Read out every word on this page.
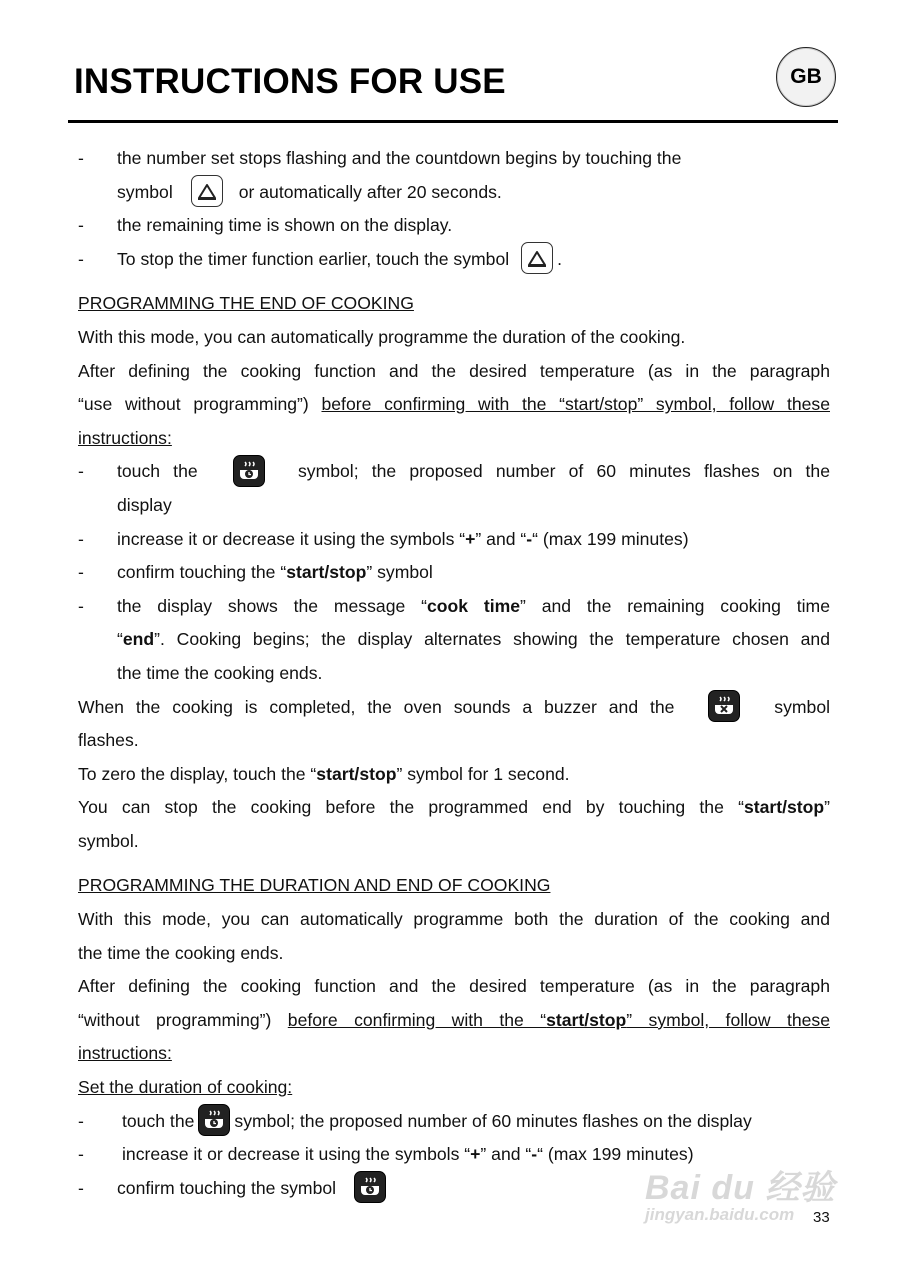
INSTRUCTIONS FOR USE	GB
- the number set stops flashing and the countdown begins by touching the
symbol	or automatically after 20 seconds.
- the remaining time is shown on the display.
- To stop the timer function earlier, touch the symbol	.
PROGRAMMING THE END OF COOKING
With this mode, you can automatically programme the duration of the cooking.
After defining the cooking function and the desired temperature (as in the paragraph
“use without programming”) before confirming with the “start/stop” symbol, follow these
instructions:
- touch the	symbol; the proposed number of 60 minutes flashes on the
display
- increase it or decrease it using the symbols “+” and “-“ (max 199 minutes)
- confirm touching the “start/stop” symbol
- the display shows the message “cook time” and the remaining cooking time
“end”. Cooking begins; the display alternates showing the temperature chosen and
the time the cooking ends.
When the cooking is completed, the oven sounds a buzzer and the	symbol
flashes.
To zero the display, touch the “start/stop” symbol for 1 second.
You can stop the cooking before the programmed end by touching the “start/stop”
symbol.
PROGRAMMING THE DURATION AND END OF COOKING
With this mode, you can automatically programme both the duration of the cooking and
the time the cooking ends.
After defining the cooking function and the desired temperature (as in the paragraph
“without programming”) before confirming with the “start/stop” symbol, follow these
instructions:
Set the duration of cooking:
- touch the symbol; the proposed number of 60 minutes flashes on the display
- increase it or decrease it using the symbols “+” and “-“ (max 199 minutes)
- confirm touching the symbol	Bai du 经验
jingyan.baidu.com	33
